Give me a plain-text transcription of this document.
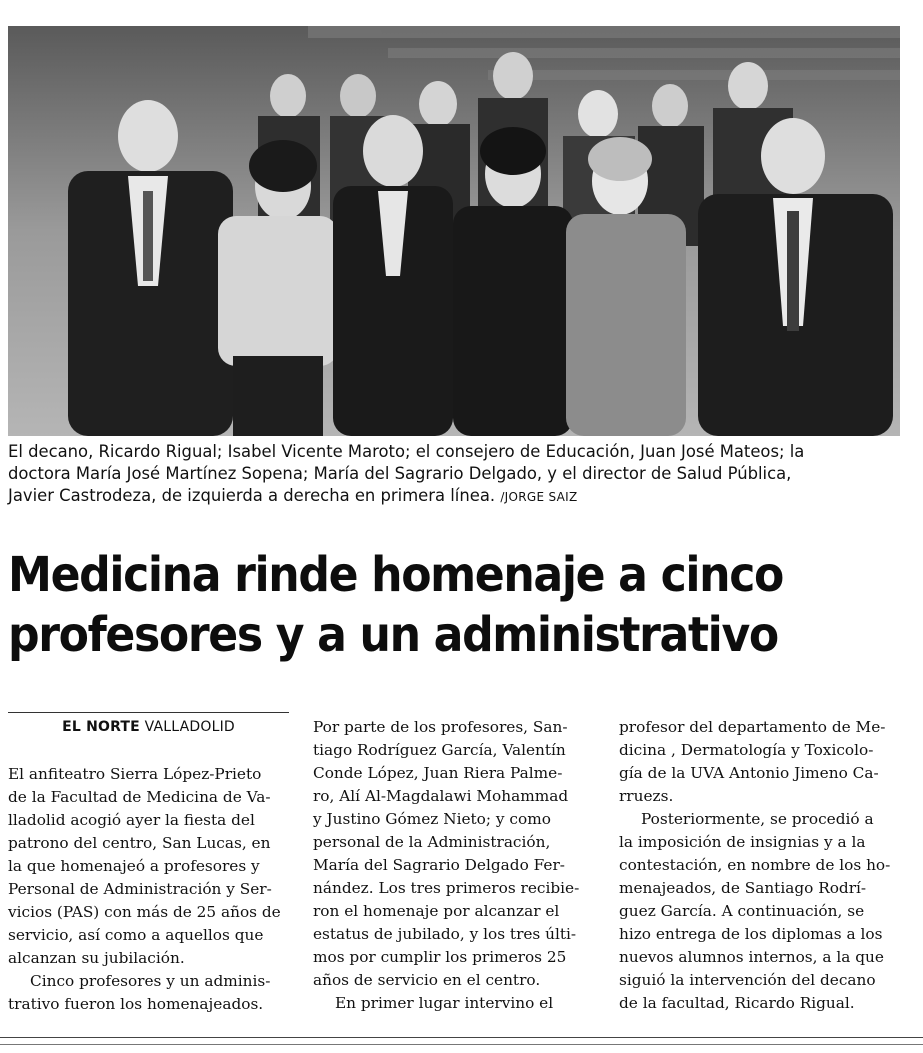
El decano, Ricardo Rigual; Isabel Vicente Maroto; el consejero de Educación, Juan José Mateos; la
doctora María José Martínez Sopena; María del Sagrario Delgado, y el director de Salud Pública,
Javier Castrodeza, de izquierda a derecha en primera línea. /JORGE SAIZ
Medicina rinde homenaje a cinco
profesores y a un administrativo
EL NORTE VALLADOLID
El anfiteatro Sierra López-Prieto
de la Facultad de Medicina de Va-
lladolid acogió ayer la fiesta del
patrono del centro, San Lucas, en
la que homenajeó a profesores y
Personal de Administración y Ser-
vicios (PAS) con más de 25 años de
servicio, así como a aquellos que
alcanzan su jubilación.
Cinco profesores y un adminis-
trativo fueron los homenajeados.
Por parte de los profesores, San-
tiago Rodríguez García, Valentín
Conde López, Juan Riera Palme-
ro, Alí Al-Magdalawi Mohammad
y Justino Gómez Nieto; y como
personal de la Administración,
María del Sagrario Delgado Fer-
nández. Los tres primeros recibie-
ron el homenaje por alcanzar el
estatus de jubilado, y los tres últi-
mos por cumplir los primeros 25
años de servicio en el centro.
En primer lugar intervino el
profesor del departamento de Me-
dicina , Dermatología y Toxicolo-
gía de la UVA Antonio Jimeno Ca-
rruezs.
Posteriormente, se procedió a
la imposición de insignias y a la
contestación, en nombre de los ho-
menajeados, de Santiago Rodrí-
guez García. A continuación, se
hizo entrega de los diplomas a los
nuevos alumnos internos, a la que
siguió la intervención del decano
de la facultad, Ricardo Rigual.
